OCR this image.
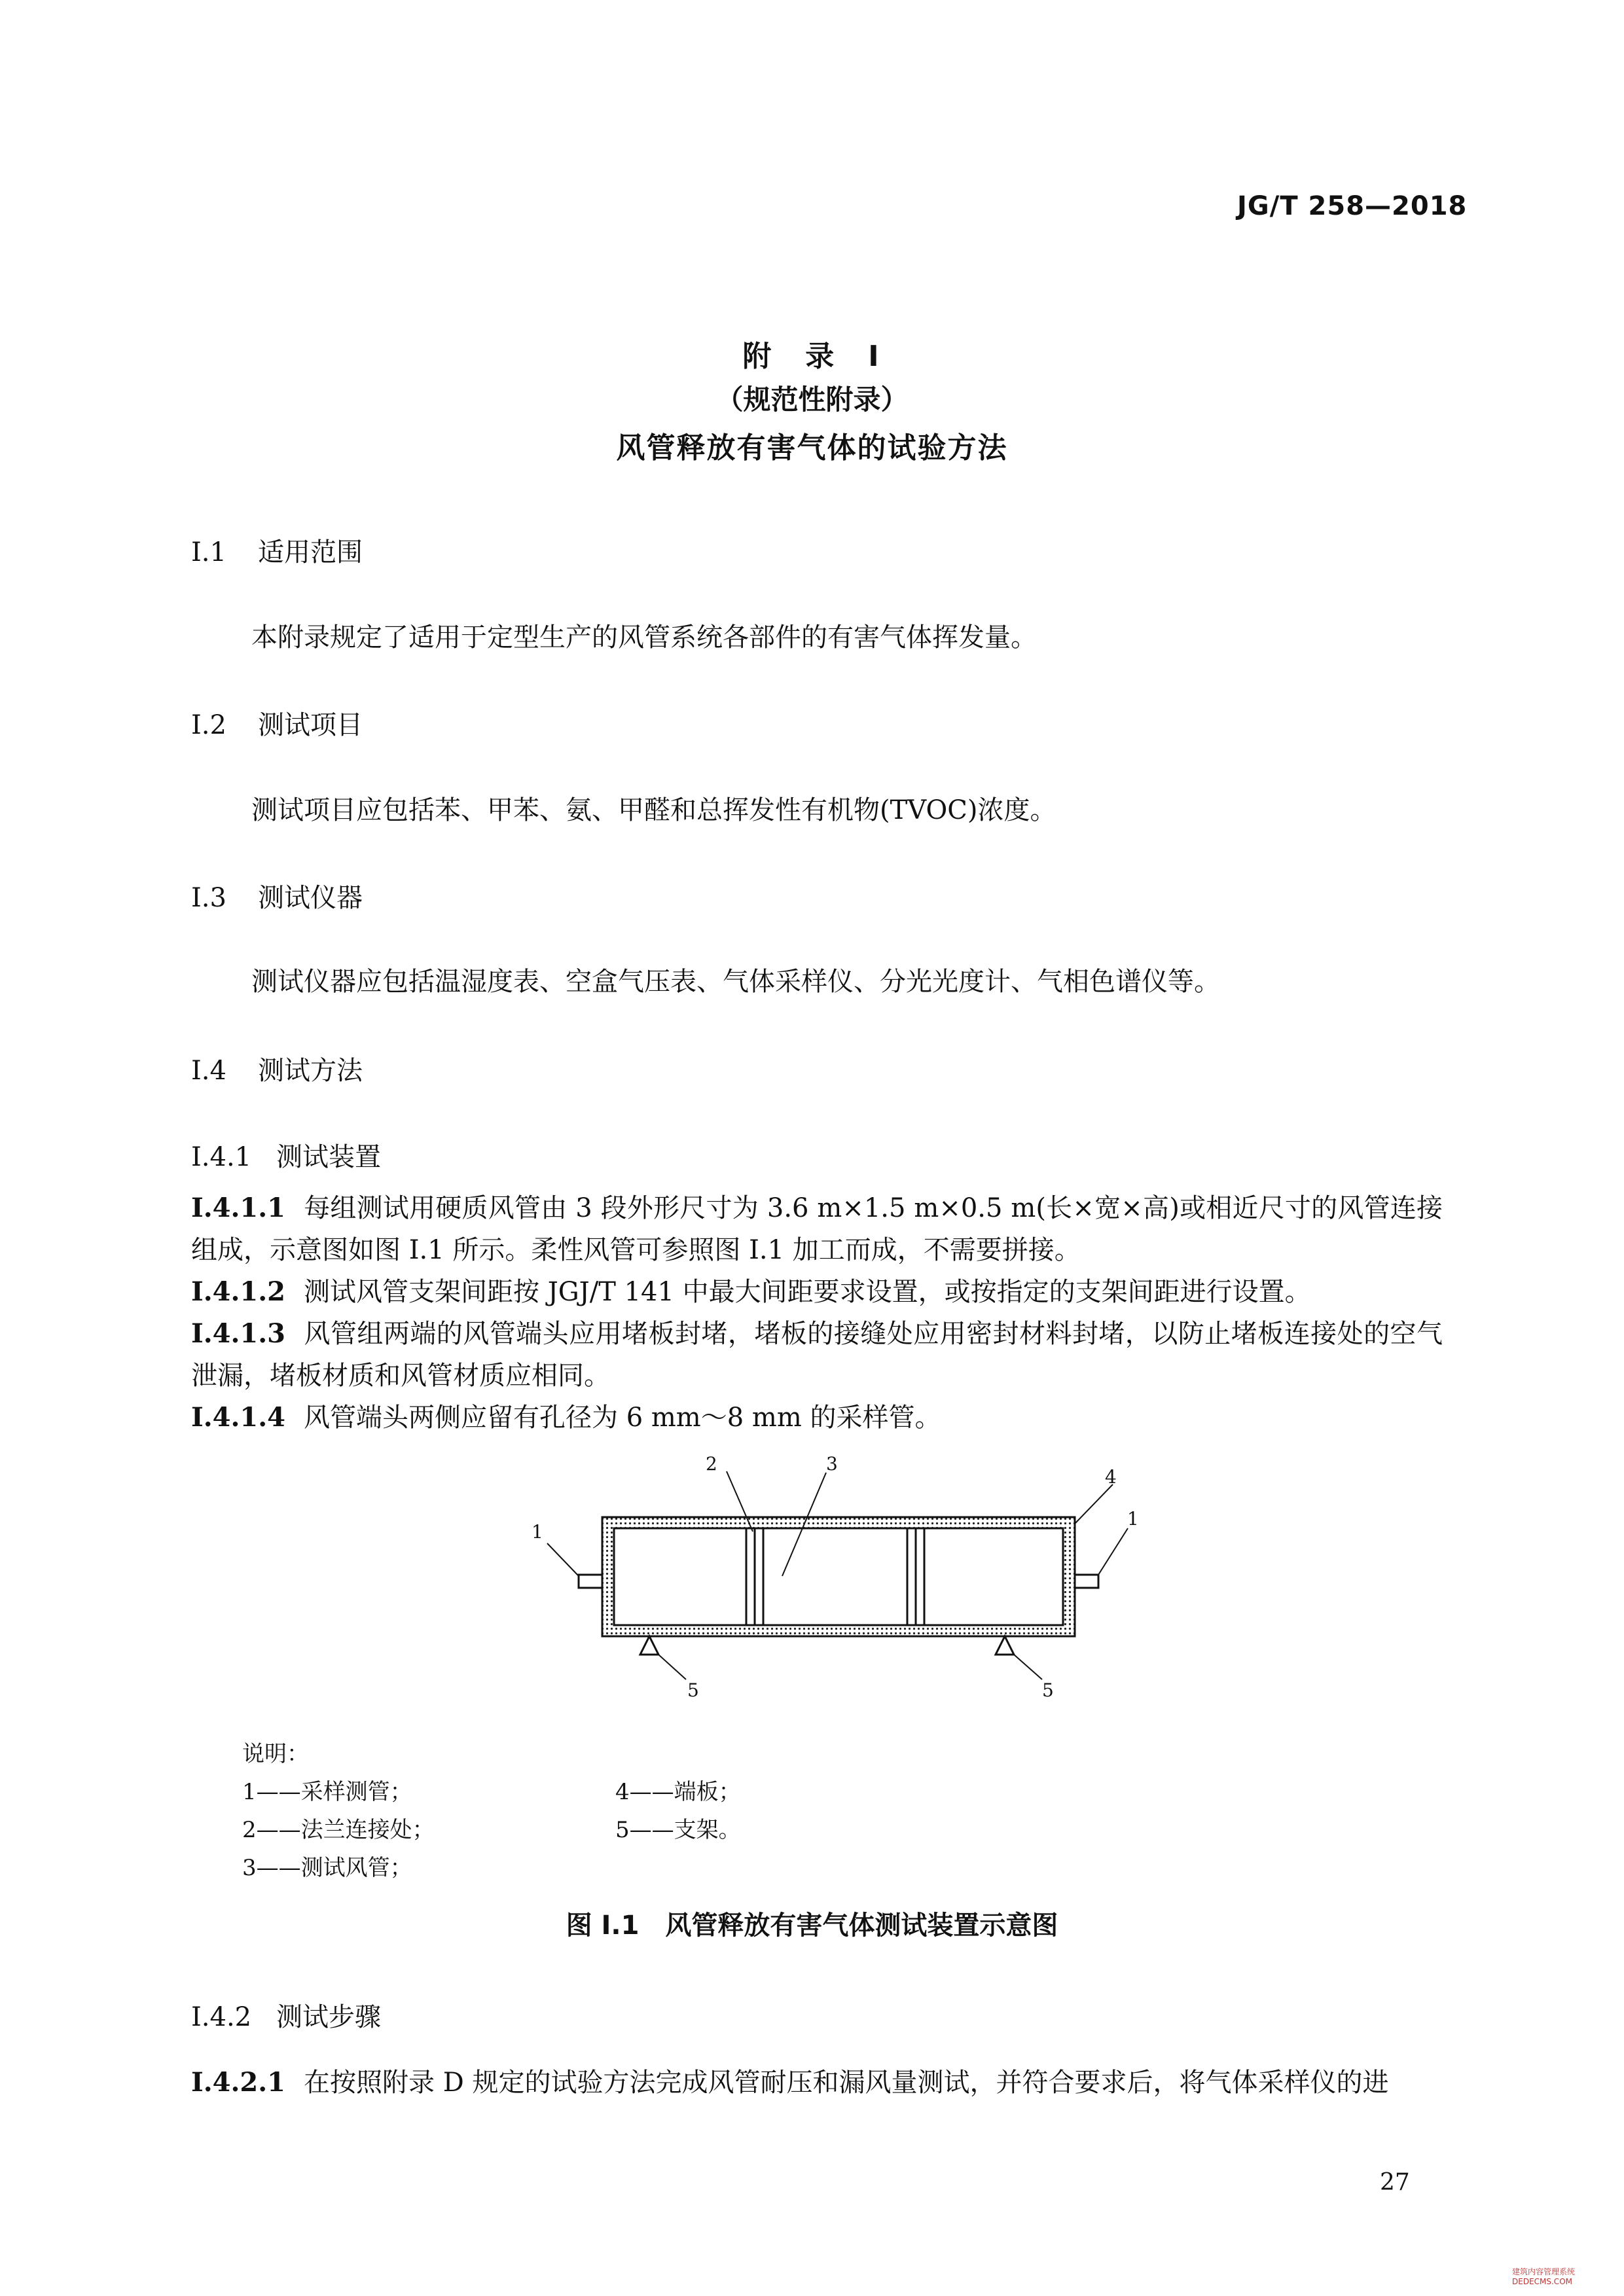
JG/T 258—2018
附　录　I
（规范性附录）
风管释放有害气体的试验方法
I.1 适用范围
本附录规定了适用于定型生产的风管系统各部件的有害气体挥发量。
I.2 测试项目
测试项目应包括苯、甲苯、氨、甲醛和总挥发性有机物(TVOC)浓度。
I.3 测试仪器
测试仪器应包括温湿度表、空盒气压表、气体采样仪、分光光度计、气相色谱仪等。
I.4 测试方法
I.4.1 测试装置
I.4.1.1 每组测试用硬质风管由 3 段外形尺寸为 3.6 m×1.5 m×0.5 m(长×宽×高)或相近尺寸的风管连接组成，示意图如图 I.1 所示。柔性风管可参照图 I.1 加工而成，不需要拼接。
I.4.1.2 测试风管支架间距按 JGJ/T 141 中最大间距要求设置，或按指定的支架间距进行设置。
I.4.1.3 风管组两端的风管端头应用堵板封堵，堵板的接缝处应用密封材料封堵，以防止堵板连接处的空气泄漏，堵板材质和风管材质应相同。
I.4.1.4 风管端头两侧应留有孔径为 6 mm～8 mm 的采样管。
1
2	3
4
1
5	5
说明：
1——采样测管；
2——法兰连接处；
3——测试风管；
4——端板；
5——支架。
图 I.1　风管释放有害气体测试装置示意图
I.4.2 测试步骤
I.4.2.1 在按照附录 D 规定的试验方法完成风管耐压和漏风量测试，并符合要求后，将气体采样仪的进
27
建筑内容管理系统 DEDECMS.COM
